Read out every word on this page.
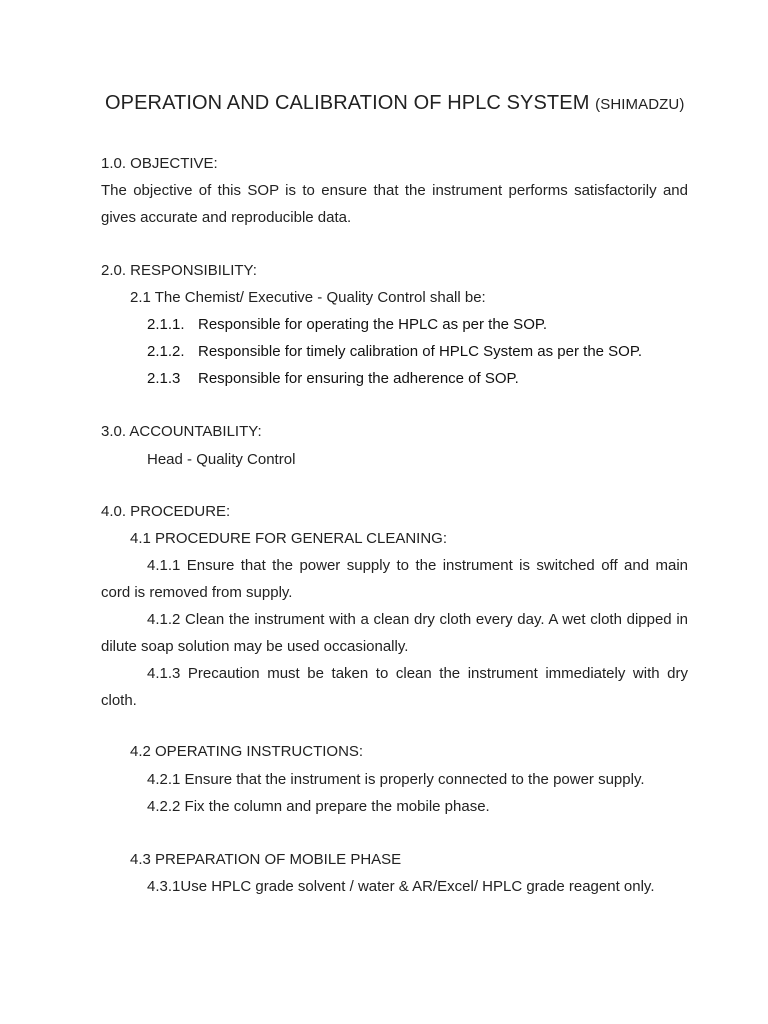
OPERATION AND CALIBRATION OF HPLC SYSTEM (SHIMADZU)
1.0. OBJECTIVE:
The objective of this SOP is to ensure that the instrument performs satisfactorily and gives accurate and reproducible data.
2.0. RESPONSIBILITY:
2.1 The Chemist/ Executive - Quality Control shall be:
2.1.1. Responsible for operating the HPLC as per the SOP.
2.1.2. Responsible for timely calibration of HPLC System as per the SOP.
2.1.3 Responsible for ensuring the adherence of SOP.
3.0. ACCOUNTABILITY:
Head - Quality Control
4.0. PROCEDURE:
4.1 PROCEDURE FOR GENERAL CLEANING:
4.1.1 Ensure that the power supply to the instrument is switched off and main cord is removed from supply.
4.1.2 Clean the instrument with a clean dry cloth every day. A wet cloth dipped in dilute soap solution may be used occasionally.
4.1.3 Precaution must be taken to clean the instrument immediately with dry cloth.
4.2 OPERATING INSTRUCTIONS:
4.2.1 Ensure that the instrument is properly connected to the power supply.
4.2.2 Fix the column and prepare the mobile phase.
4.3 PREPARATION OF MOBILE PHASE
4.3.1Use HPLC grade solvent / water & AR/Excel/ HPLC grade reagent only.
